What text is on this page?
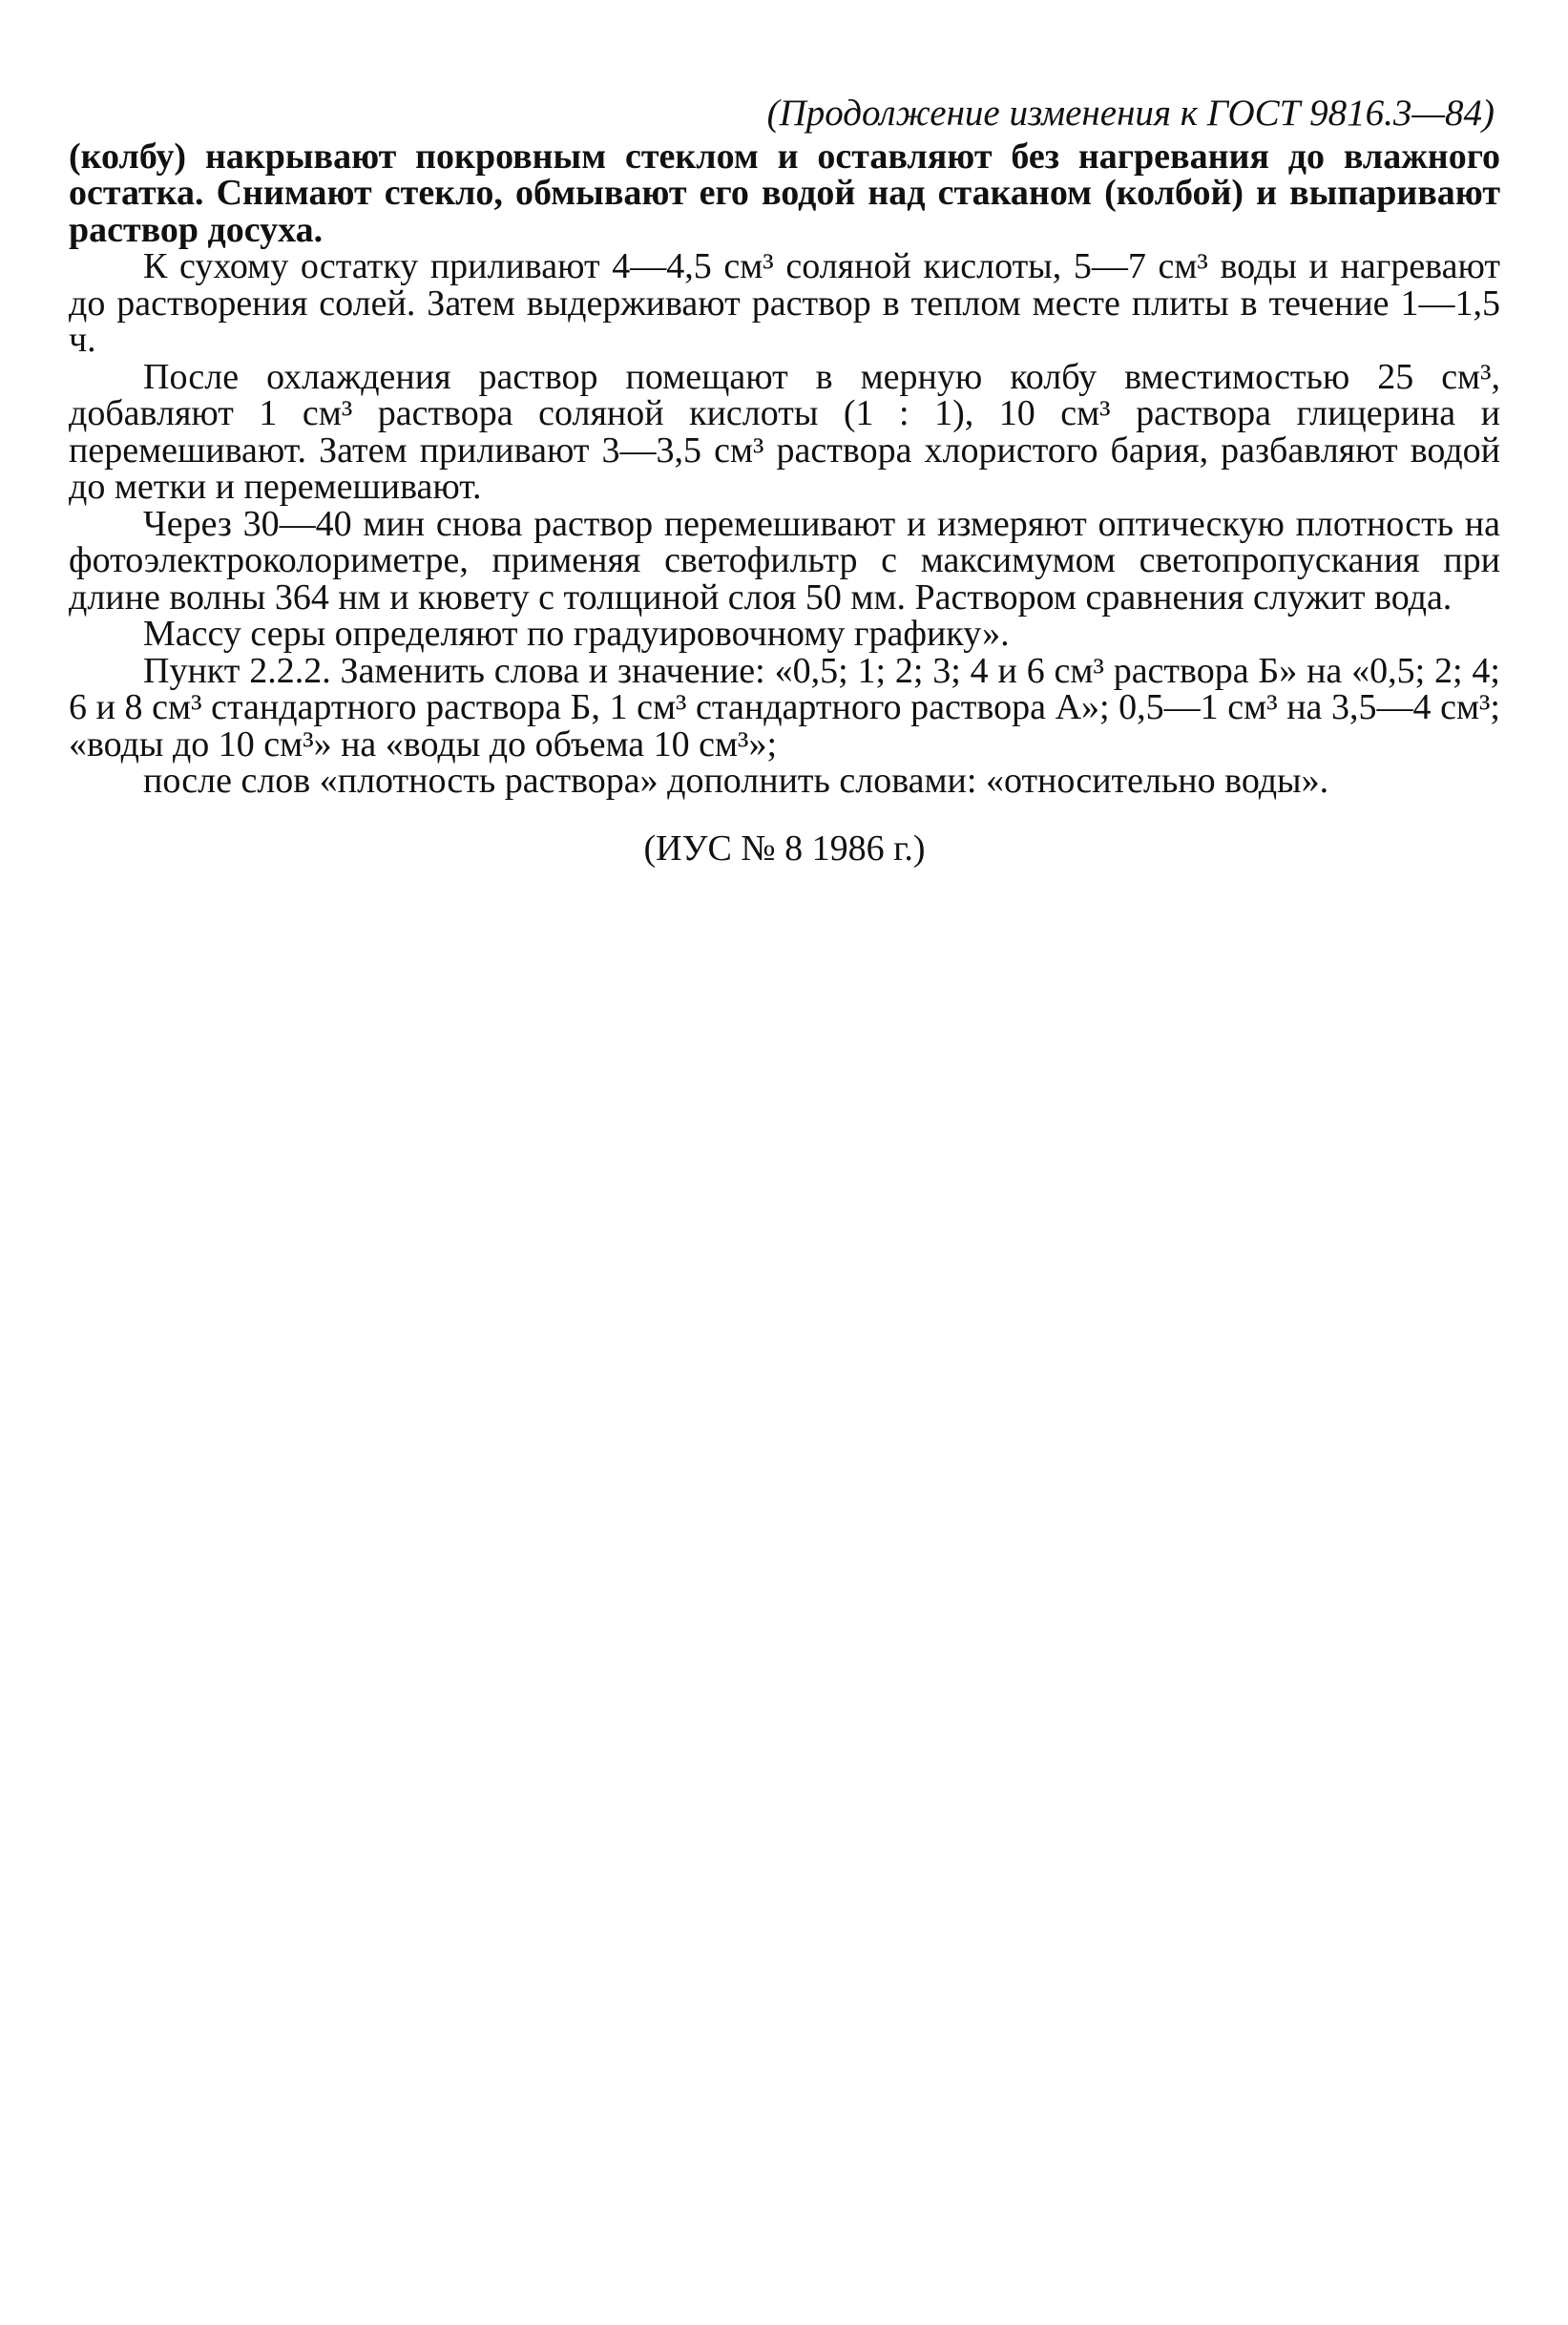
(Продолжение изменения к ГОСТ 9816.3—84)

(колбу) накрывают покровным стеклом и оставляют без нагревания до влажного остатка. Снимают стекло, обмывают его водой над стаканом (колбой) и выпаривают раствор досуха.

К сухому остатку приливают 4—4,5 см³ соляной кислоты, 5—7 см³ воды и нагревают до растворения солей. Затем выдерживают раствор в теплом месте плиты в течение 1—1,5 ч.

После охлаждения раствор помещают в мерную колбу вместимостью 25 см³, добавляют 1 см³ раствора соляной кислоты (1 : 1), 10 см³ раствора глицерина и перемешивают. Затем приливают 3—3,5 см³ раствора хлористого бария, разбавляют водой до метки и перемешивают.

Через 30—40 мин снова раствор перемешивают и измеряют оптическую плотность на фотоэлектроколориметре, применяя светофильтр с максимумом светопропускания при длине волны 364 нм и кювету с толщиной слоя 50 мм. Раствором сравнения служит вода.

Массу серы определяют по градуировочному графику».

Пункт 2.2.2. Заменить слова и значение: «0,5; 1; 2; 3; 4 и 6 см³ раствора Б» на «0,5; 2; 4; 6 и 8 см³ стандартного раствора Б, 1 см³ стандартного раствора А»; 0,5—1 см³ на 3,5—4 см³; «воды до 10 см³» на «воды до объема 10 см³»;

после слов «плотность раствора» дополнить словами: «относительно воды».

(ИУС № 8 1986 г.)
